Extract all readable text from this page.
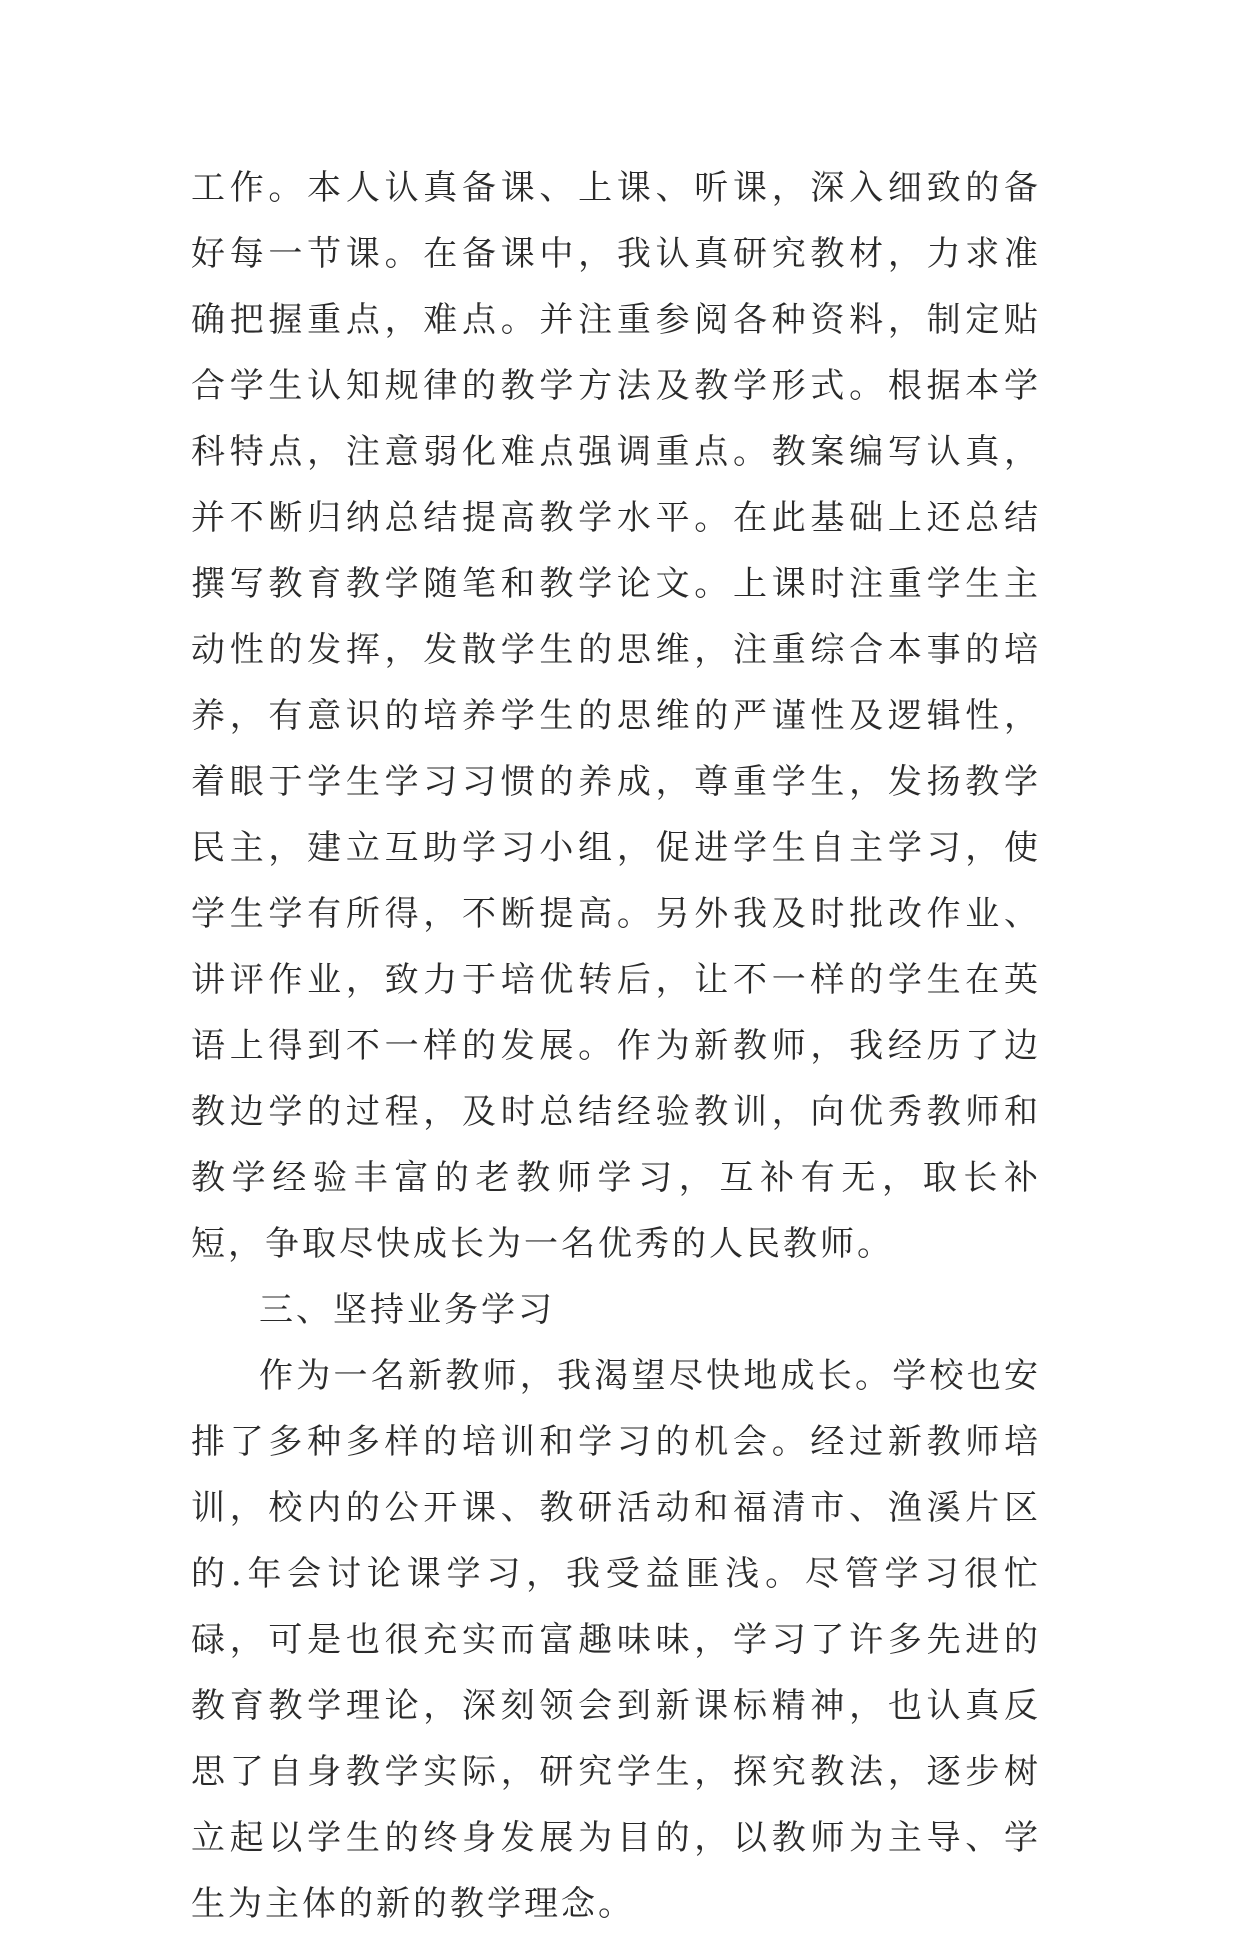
工作。本人认真备课、上课、听课，深入细致的备好每一节课。在备课中，我认真研究教材，力求准确把握重点，难点。并注重参阅各种资料，制定贴合学生认知规律的教学方法及教学形式。根据本学科特点，注意弱化难点强调重点。教案编写认真，并不断归纳总结提高教学水平。在此基础上还总结撰写教育教学随笔和教学论文。上课时注重学生主动性的发挥，发散学生的思维，注重综合本事的培养，有意识的培养学生的思维的严谨性及逻辑性，着眼于学生学习习惯的养成，尊重学生，发扬教学民主，建立互助学习小组，促进学生自主学习，使学生学有所得，不断提高。另外我及时批改作业、讲评作业，致力于培优转后，让不一样的学生在英语上得到不一样的发展。作为新教师，我经历了边教边学的过程，及时总结经验教训，向优秀教师和教学经验丰富的老教师学习，互补有无，取长补短，争取尽快成长为一名优秀的人民教师。

三、坚持业务学习

作为一名新教师，我渴望尽快地成长。学校也安排了多种多样的培训和学习的机会。经过新教师培训，校内的公开课、教研活动和福清市、渔溪片区的.年会讨论课学习，我受益匪浅。尽管学习很忙碌，可是也很充实而富趣味味，学习了许多先进的教育教学理论，深刻领会到新课标精神，也认真反思了自身教学实际，研究学生，探究教法，逐步树立起以学生的终身发展为目的，以教师为主导、学生为主体的新的教学理念。
